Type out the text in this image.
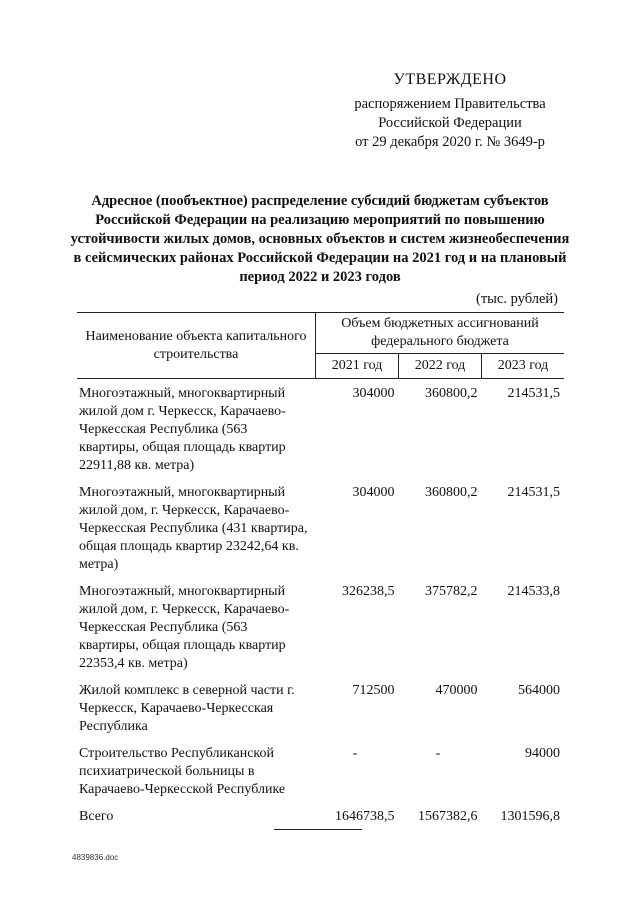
УТВЕРЖДЕНО
распоряжением Правительства
Российской Федерации
от 29 декабря 2020 г. № 3649-р
Адресное (пообъектное) распределение субсидий бюджетам субъектов Российской Федерации на реализацию мероприятий по повышению устойчивости жилых домов, основных объектов и систем жизнеобеспечения в сейсмических районах Российской Федерации на 2021 год и на плановый период 2022 и 2023 годов
(тыс. рублей)
Наименование объекта капитального строительства	Объем бюджетных ассигнований федерального бюджета		
	2021 год	2022 год	2023 год
Многоэтажный, многоквартирный жилой дом г. Черкесск, Карачаево-Черкесская Республика (563 квартиры, общая площадь квартир 22911,88 кв. метра)	304000	360800,2	214531,5
Многоэтажный, многоквартирный жилой дом, г. Черкесск, Карачаево-Черкесская Республика (431 квартира, общая площадь квартир 23242,64 кв. метра)	304000	360800,2	214531,5
Многоэтажный, многоквартирный жилой дом, г. Черкесск, Карачаево-Черкесская Республика (563 квартиры, общая площадь квартир 22353,4 кв. метра)	326238,5	375782,2	214533,8
Жилой комплекс в северной части г. Черкесск, Карачаево-Черкесская Республика	712500	470000	564000
Строительство Республиканской психиатрической больницы в Карачаево-Черкесской Республике	-	-	94000
Всего	1646738,5	1567382,6	1301596,8
4839836.doc
